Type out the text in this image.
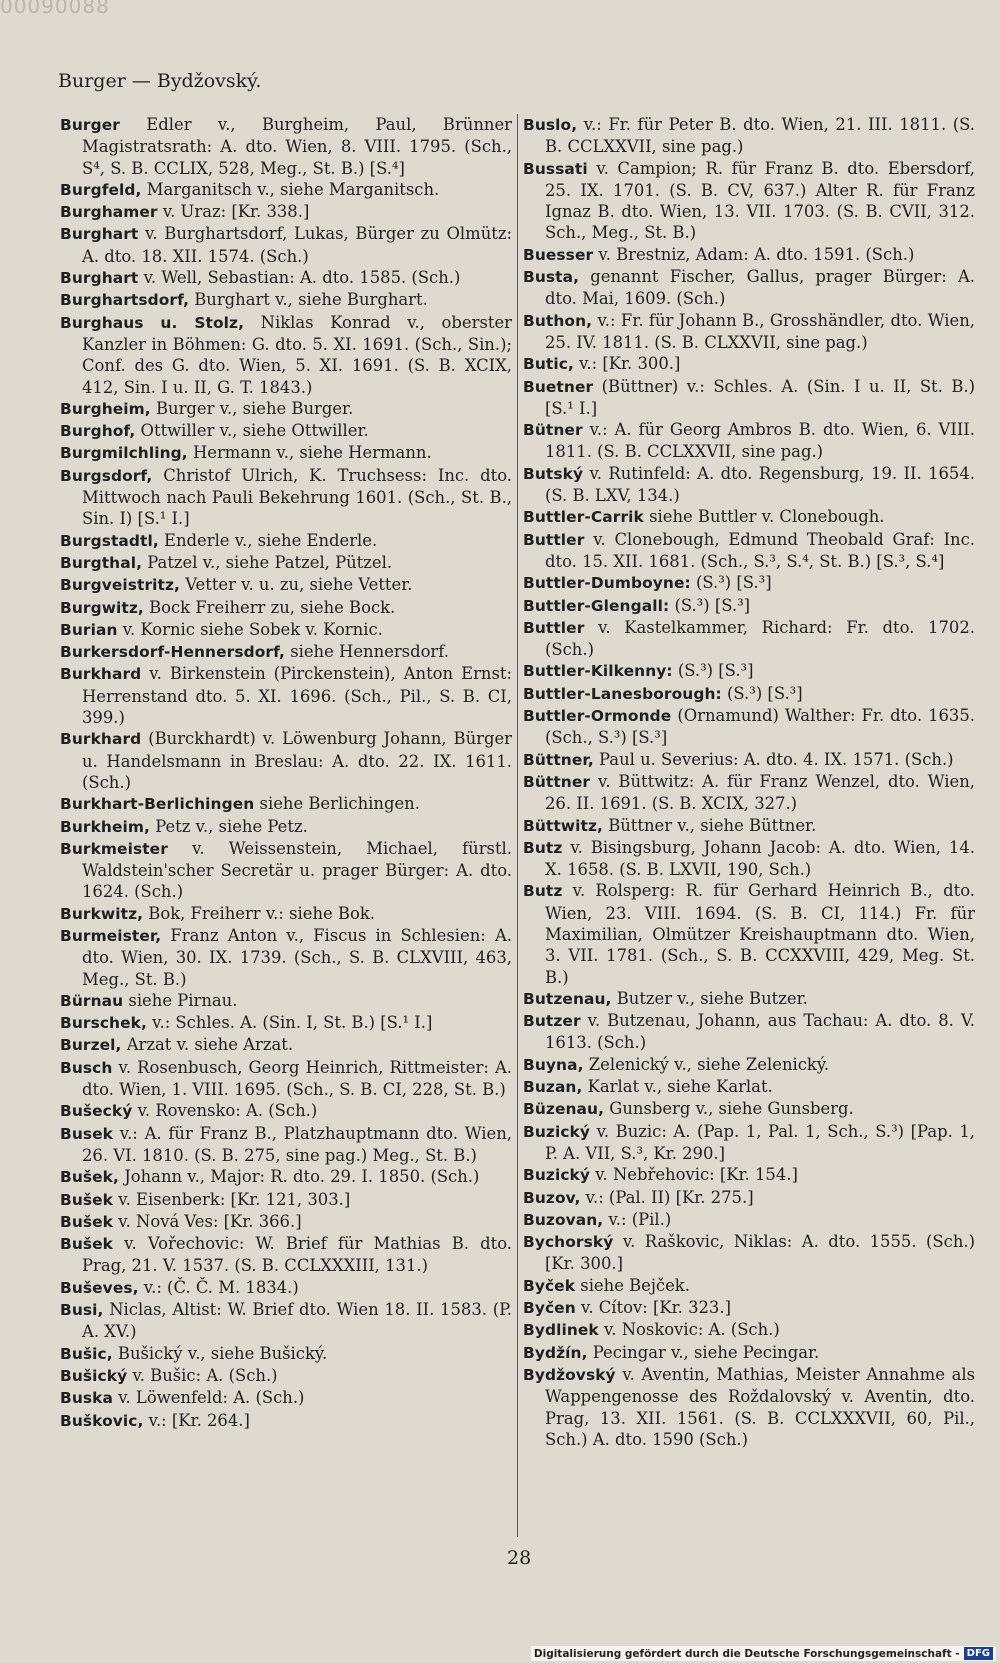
00090088
Burger — Bydžovský.

Burger Edler v., Burgheim, Paul, Brünner Magistratsrath: A. dto. Wien, 8. VIII. 1795. (Sch., S⁴, S. B. CCLIX, 528, Meg., St. B.) [S.⁴]

Burgfeld, Marganitsch v., siehe Marganitsch.

Burghamer v. Uraz: [Kr. 338.]

Burghart v. Burghartsdorf, Lukas, Bürger zu Olmütz: A. dto. 18. XII. 1574. (Sch.)

Burghart v. Well, Sebastian: A. dto. 1585. (Sch.)

Burghartsdorf, Burghart v., siehe Burghart.

Burghaus u. Stolz, Niklas Konrad v., oberster Kanzler in Böhmen: G. dto. 5. XI. 1691. (Sch., Sin.); Conf. des G. dto. Wien, 5. XI. 1691. (S. B. XCIX, 412, Sin. I u. II, G. T. 1843.)

Burgheim, Burger v., siehe Burger.

Burghof, Ottwiller v., siehe Ottwiller.

Burgmilchling, Hermann v., siehe Hermann.

Burgsdorf, Christof Ulrich, K. Truchsess: Inc. dto. Mittwoch nach Pauli Bekehrung 1601. (Sch., St. B., Sin. I) [S.¹ I.]

Burgstadtl, Enderle v., siehe Enderle.

Burgthal, Patzel v., siehe Patzel, Pützel.

Burgveistritz, Vetter v. u. zu, siehe Vetter.

Burgwitz, Bock Freiherr zu, siehe Bock.

Burian v. Kornic siehe Sobek v. Kornic.

Burkersdorf-Hennersdorf, siehe Hennersdorf.

Burkhard v. Birkenstein (Pirckenstein), Anton Ernst: Herrenstand dto. 5. XI. 1696. (Sch., Pil., S. B. CI, 399.)

Burkhard (Burckhardt) v. Löwenburg Johann, Bürger u. Handelsmann in Breslau: A. dto. 22. IX. 1611. (Sch.)

Burkhart-Berlichingen siehe Berlichingen.

Burkheim, Petz v., siehe Petz.

Burkmeister v. Weissenstein, Michael, fürstl. Waldstein'scher Secretär u. prager Bürger: A. dto. 1624. (Sch.)

Burkwitz, Bok, Freiherr v.: siehe Bok.

Burmeister, Franz Anton v., Fiscus in Schlesien: A. dto. Wien, 30. IX. 1739. (Sch., S. B. CLXVIII, 463, Meg., St. B.)

Bürnau siehe Pirnau.

Burschek, v.: Schles. A. (Sin. I, St. B.) [S.¹ I.]

Burzel, Arzat v. siehe Arzat.

Busch v. Rosenbusch, Georg Heinrich, Rittmeister: A. dto. Wien, 1. VIII. 1695. (Sch., S. B. CI, 228, St. B.)

Bušecký v. Rovensko: A. (Sch.)

Busek v.: A. für Franz B., Platzhauptmann dto. Wien, 26. VI. 1810. (S. B. 275, sine pag.) Meg., St. B.)

Bušek, Johann v., Major: R. dto. 29. I. 1850. (Sch.)

Bušek v. Eisenberk: [Kr. 121, 303.]

Bušek v. Nová Ves: [Kr. 366.]

Bušek v. Vořechovic: W. Brief für Mathias B. dto. Prag, 21. V. 1537. (S. B. CCLXXXIII, 131.)

Buševes, v.: (Č. Č. M. 1834.)

Busi, Niclas, Altist: W. Brief dto. Wien 18. II. 1583. (P. A. XV.)

Bušic, Bušický v., siehe Bušický.

Bušický v. Bušic: A. (Sch.)

Buska v. Löwenfeld: A. (Sch.)

Buškovic, v.: [Kr. 264.]

Buslo, v.: Fr. für Peter B. dto. Wien, 21. III. 1811. (S. B. CCLXXVII, sine pag.)

Bussati v. Campion; R. für Franz B. dto. Ebersdorf, 25. IX. 1701. (S. B. CV, 637.) Alter R. für Franz Ignaz B. dto. Wien, 13. VII. 1703. (S. B. CVII, 312. Sch., Meg., St. B.)

Buesser v. Brestniz, Adam: A. dto. 1591. (Sch.)

Busta, genannt Fischer, Gallus, prager Bürger: A. dto. Mai, 1609. (Sch.)

Buthon, v.: Fr. für Johann B., Grosshändler, dto. Wien, 25. IV. 1811. (S. B. CLXXVII, sine pag.)

Butic, v.: [Kr. 300.]

Buetner (Büttner) v.: Schles. A. (Sin. I u. II, St. B.) [S.¹ I.]

Bütner v.: A. für Georg Ambros B. dto. Wien, 6. VIII. 1811. (S. B. CCLXXVII, sine pag.)

Butský v. Rutinfeld: A. dto. Regensburg, 19. II. 1654. (S. B. LXV, 134.)

Buttler-Carrik siehe Buttler v. Clonebough.

Buttler v. Clonebough, Edmund Theobald Graf: Inc. dto. 15. XII. 1681. (Sch., S.³, S.⁴, St. B.) [S.³, S.⁴]

Buttler-Dumboyne: (S.³) [S.³]

Buttler-Glengall: (S.³) [S.³]

Buttler v. Kastelkammer, Richard: Fr. dto. 1702. (Sch.)

Buttler-Kilkenny: (S.³) [S.³]

Buttler-Lanesborough: (S.³) [S.³]

Buttler-Ormonde (Ornamund) Walther: Fr. dto. 1635. (Sch., S.³) [S.³]

Büttner, Paul u. Severius: A. dto. 4. IX. 1571. (Sch.)

Büttner v. Büttwitz: A. für Franz Wenzel, dto. Wien, 26. II. 1691. (S. B. XCIX, 327.)

Büttwitz, Büttner v., siehe Büttner.

Butz v. Bisingsburg, Johann Jacob: A. dto. Wien, 14. X. 1658. (S. B. LXVII, 190, Sch.)

Butz v. Rolsperg: R. für Gerhard Heinrich B., dto. Wien, 23. VIII. 1694. (S. B. CI, 114.) Fr. für Maximilian, Olmützer Kreishauptmann dto. Wien, 3. VII. 1781. (Sch., S. B. CCXXVIII, 429, Meg. St. B.)

Butzenau, Butzer v., siehe Butzer.

Butzer v. Butzenau, Johann, aus Tachau: A. dto. 8. V. 1613. (Sch.)

Buyna, Zelenický v., siehe Zelenický.

Buzan, Karlat v., siehe Karlat.

Büzenau, Gunsberg v., siehe Gunsberg.

Buzický v. Buzic: A. (Pap. 1, Pal. 1, Sch., S.³) [Pap. 1, P. A. VII, S.³, Kr. 290.]

Buzický v. Nebřehovic: [Kr. 154.]

Buzov, v.: (Pal. II) [Kr. 275.]

Buzovan, v.: (Pil.)

Bychorský v. Raškovic, Niklas: A. dto. 1555. (Sch.) [Kr. 300.]

Byček siehe Bejček.

Byčen v. Cítov: [Kr. 323.]

Bydlinek v. Noskovic: A. (Sch.)

Bydžín, Pecingar v., siehe Pecingar.

Bydžovský v. Aventin, Mathias, Meister Annahme als Wappengenosse des Roždalovský v. Aventin, dto. Prag, 13. XII. 1561. (S. B. CCLXXXVII, 60, Pil., Sch.) A. dto. 1590 (Sch.)

28
Digitalisierung gefördert durch die Deutsche Forschungsgemeinschaft - DFG
